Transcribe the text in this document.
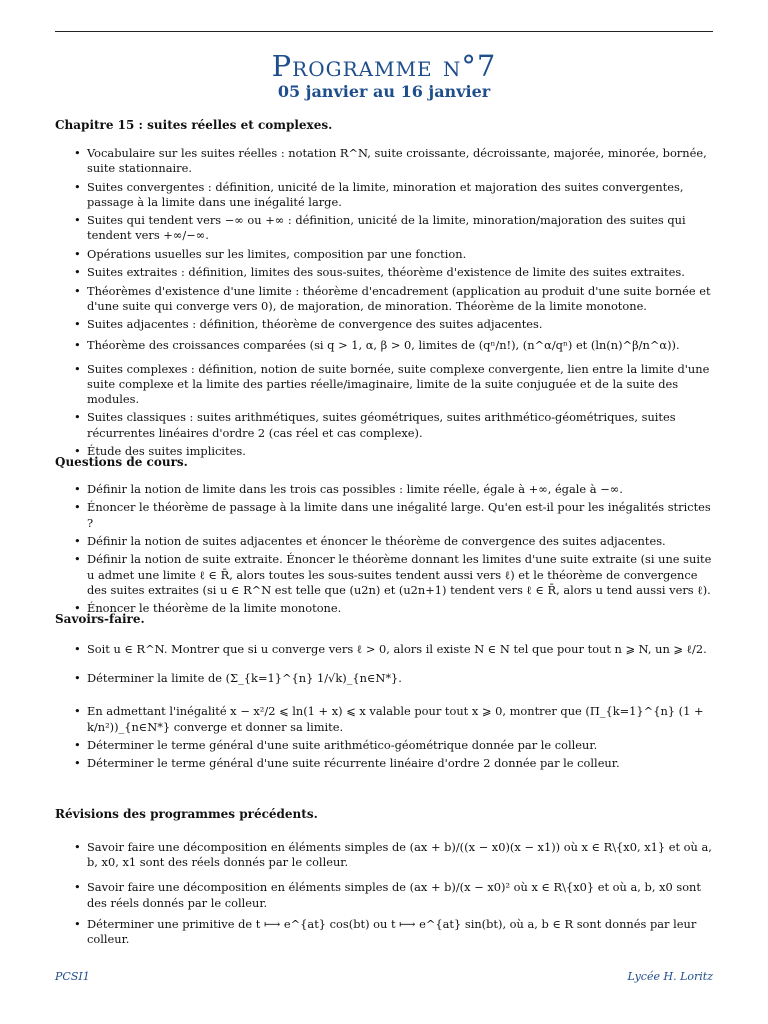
Programme n°7
05 janvier au 16 janvier
Chapitre 15 : suites réelles et complexes.
• Vocabulaire sur les suites réelles : notation R^N, suite croissante, décroissante, majorée, minorée, bornée, suite stationnaire.
• Suites convergentes : définition, unicité de la limite, minoration et majoration des suites convergentes, passage à la limite dans une inégalité large.
• Suites qui tendent vers −∞ ou +∞ : définition, unicité de la limite, minoration/majoration des suites qui tendent vers +∞/−∞.
• Opérations usuelles sur les limites, composition par une fonction.
• Suites extraites : définition, limites des sous-suites, théorème d'existence de limite des suites extraites.
• Théorèmes d'existence d'une limite : théorème d'encadrement (application au produit d'une suite bornée et d'une suite qui converge vers 0), de majoration, de minoration. Théorème de la limite monotone.
• Suites adjacentes : définition, théorème de convergence des suites adjacentes.
• Théorème des croissances comparées (si q > 1, α, β > 0, limites de (qⁿ/n!), (n^α/qⁿ) et (ln(n)^β/n^α)).
• Suites complexes : définition, notion de suite bornée, suite complexe convergente, lien entre la limite d'une suite complexe et la limite des parties réelle/imaginaire, limite de la suite conjuguée et de la suite des modules.
• Suites classiques : suites arithmétiques, suites géométriques, suites arithmético-géométriques, suites récurrentes linéaires d'ordre 2 (cas réel et cas complexe).
• Étude des suites implicites.
Questions de cours.
• Définir la notion de limite dans les trois cas possibles : limite réelle, égale à +∞, égale à −∞.
• Énoncer le théorème de passage à la limite dans une inégalité large. Qu'en est-il pour les inégalités strictes ?
• Définir la notion de suites adjacentes et énoncer le théorème de convergence des suites adjacentes.
• Définir la notion de suite extraite. Énoncer le théorème donnant les limites d'une suite extraite (si une suite u admet une limite ℓ ∈ R̄, alors toutes les sous-suites tendent aussi vers ℓ) et le théorème de convergence des suites extraites (si u ∈ R^N est telle que (u2n) et (u2n+1) tendent vers ℓ ∈ R̄, alors u tend aussi vers ℓ).
• Énoncer le théorème de la limite monotone.
Savoirs-faire.
• Soit u ∈ R^N. Montrer que si u converge vers ℓ > 0, alors il existe N ∈ N tel que pour tout n ⩾ N, un ⩾ ℓ/2.
• Déterminer la limite de (Σ_{k=1}^{n} 1/√k)_{n∈N*}.
• En admettant l'inégalité x − x²/2 ⩽ ln(1 + x) ⩽ x valable pour tout x ⩾ 0, montrer que (Π_{k=1}^{n} (1 + k/n²))_{n∈N*} converge et donner sa limite.
• Déterminer le terme général d'une suite arithmético-géométrique donnée par le colleur.
• Déterminer le terme général d'une suite récurrente linéaire d'ordre 2 donnée par le colleur.
Révisions des programmes précédents.
• Savoir faire une décomposition en éléments simples de (ax + b)/((x − x0)(x − x1)) où x ∈ R\{x0, x1} et où a, b, x0, x1 sont des réels donnés par le colleur.
• Savoir faire une décomposition en éléments simples de (ax + b)/(x − x0)² où x ∈ R\{x0} et où a, b, x0 sont des réels donnés par le colleur.
• Déterminer une primitive de t ⟼ e^{at} cos(bt) ou t ⟼ e^{at} sin(bt), où a, b ∈ R sont donnés par leur colleur.
PCSI1	Lycée H. Loritz
